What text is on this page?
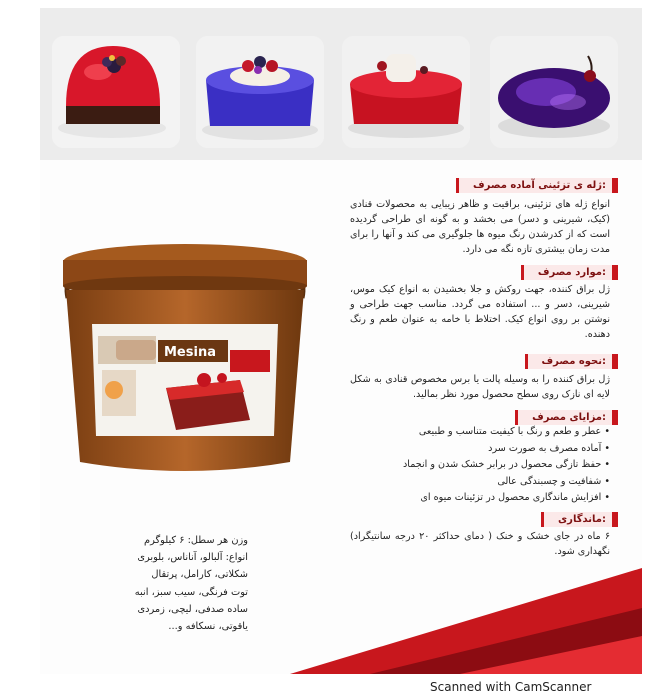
ژله ی تزئینی آماده مصرف:

انواع ژله های تزئینی، براقیت و ظاهر زیبایی به محصولات قنادی (کیک، شیرینی و دسر) می بخشد و به گونه ای طراحی گردیده است که از کدرشدن رنگ میوه ها جلوگیری می کند و آنها را برای مدت زمان بیشتری تازه نگه می دارد.

موارد مصرف:

ژل براق کننده، جهت روکش و جلا بخشیدن به انواع کیک موس، شیرینی، دسر و ... استفاده می گردد. مناسب جهت طراحی و نوشتن بر روی انواع کیک. اختلاط با خامه به عنوان طعم و رنگ دهنده.

نحوه مصرف:

ژل براق کننده را به وسیله پالت یا برس مخصوص قنادی به شکل لایه ای نازک روی سطح محصول مورد نظر بمالید.

مزایای مصرف:
• عطر و طعم و رنگ با کیفیت متناسب و طبیعی
• آماده مصرف به صورت سرد
• حفظ تازگی محصول در برابر خشک شدن و انجماد
• شفافیت و چسبندگی عالی
• افزایش ماندگاری محصول در تزئینات میوه ای
ماندگاری:

۶ ماه در جای خشک و خنک ( دمای حداکثر ۲۰ درجه سانتیگراد) نگهداری شود.

Mesina
وزن هر سطل: ۶ کیلوگرم
انواع: آلبالو، آناناس، بلوبری
شکلاتی، کارامل، پرتقال
توت فرنگی، سیب سبز، انبه
ساده صدفی، لیچی، زمردی
یاقوتی، نسکافه و...
Scanned with CamScanner
